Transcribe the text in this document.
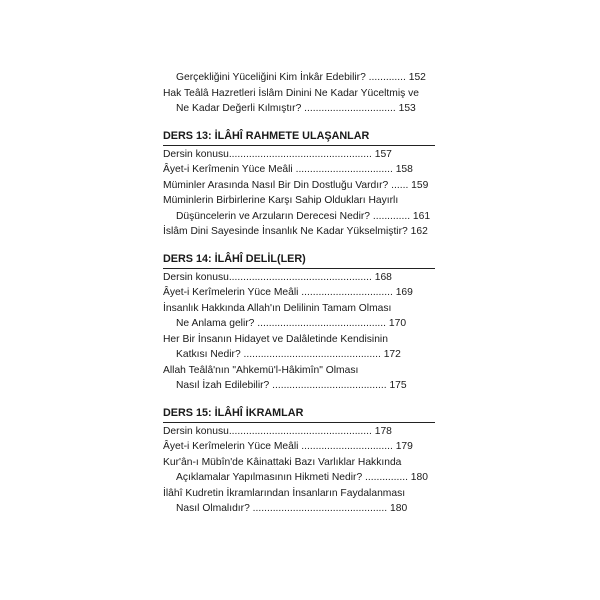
Gerçekliğini Yüceliğini Kim İnkâr Edebilir? ............. 152
Hak Teâlâ Hazretleri İslâm Dinini Ne Kadar Yüceltmiş ve
Ne Kadar Değerli Kılmıştır? ................................ 153
DERS 13: İLÂHÎ RAHMETE ULAŞANLAR
Dersin konusu.................................................. 157
Âyet-i Kerîmenin Yüce Meâli .................................. 158
Müminler Arasında Nasıl Bir Din Dostluğu Vardır? ...... 159
Müminlerin Birbirlerine Karşı Sahip Oldukları Hayırlı
Düşüncelerin ve Arzuların Derecesi Nedir? ............. 161
İslâm Dini Sayesinde İnsanlık Ne Kadar Yükselmiştir? 162
DERS 14: İLÂHÎ DELİL(LER)
Dersin konusu.................................................. 168
Âyet-i Kerîmelerin Yüce Meâli ................................ 169
İnsanlık Hakkında Allah'ın Delilinin Tamam Olması
Ne Anlama gelir? ............................................. 170
Her Bir İnsanın Hidayet ve Dalâletinde Kendisinin
Katkısı Nedir? ................................................ 172
Allah Teâlâ'nın "Ahkemü'l-Hâkimîn" Olması
Nasıl İzah Edilebilir? ........................................ 175
DERS 15: İLÂHÎ İKRAMLAR
Dersin konusu.................................................. 178
Âyet-i Kerîmelerin Yüce Meâli ................................ 179
Kur'ân-ı Mübîn'de Kâinattaki Bazı Varlıklar Hakkında
Açıklamalar Yapılmasının Hikmeti Nedir? ............... 180
İlâhî Kudretin İkramlarından İnsanların Faydalanması
Nasıl Olmalıdır? ............................................... 180
